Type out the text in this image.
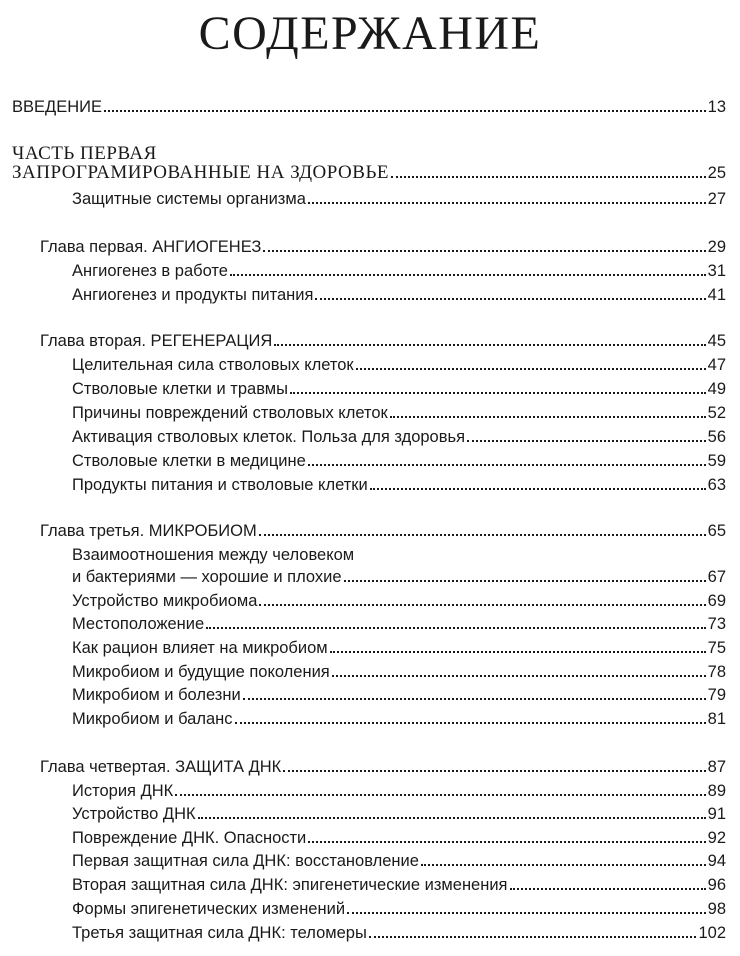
СОДЕРЖАНИЕ
ВВЕДЕНИЕ	13
ЧАСТЬ ПЕРВАЯ
ЗАПРОГРАМИРОВАННЫЕ НА ЗДОРОВЬЕ	25
Защитные системы организма	27
Глава первая. АНГИОГЕНЕЗ	29
Ангиогенез в работе	31
Ангиогенез и продукты питания	41
Глава вторая. РЕГЕНЕРАЦИЯ	45
Целительная сила стволовых клеток	47
Стволовые клетки и травмы	49
Причины повреждений стволовых клеток	52
Активация стволовых клеток. Польза для здоровья	56
Стволовые клетки в медицине	59
Продукты питания и стволовые клетки	63
Глава третья. МИКРОБИОМ	65
Взаимоотношения между человеком
и бактериями — хорошие и плохие	67
Устройство микробиома	69
Местоположение	73
Как рацион влияет на микробиом	75
Микробиом и будущие поколения	78
Микробиом и болезни	79
Микробиом и баланс	81
Глава четвертая. ЗАЩИТА ДНК	87
История ДНК	89
Устройство ДНК	91
Повреждение ДНК. Опасности	92
Первая защитная сила ДНК: восстановление	94
Вторая защитная сила ДНК: эпигенетические изменения	96
Формы эпигенетических изменений	98
Третья защитная сила ДНК: теломеры	102
